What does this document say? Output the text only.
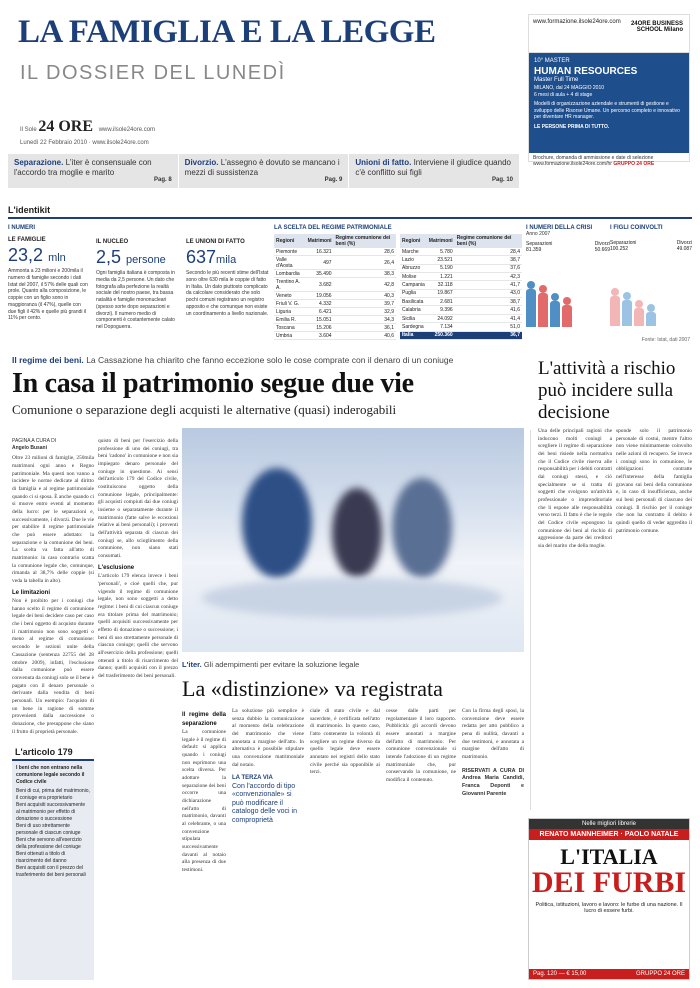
LA FAMIGLIA E LA LEGGE
IL DOSSIER DEL LUNEDÌ
Il Sole 24 ORE www.ilsole24ore.com
Lunedì 22 Febbraio 2010 · www.ilsole24ore.com
www.formazione.ilsole24ore.com	24ORE BUSINESS SCHOOL Milano
10° MASTER
HUMAN RESOURCES
Master Full Time
MILANO, dal 24 MAGGIO 2010
6 mesi di aula + 4 di stage
Modelli di organizzazione aziendale e strumenti di gestione e sviluppo delle Risorse Umane. Un percorso completo e innovativo per diventare HR manager.
LE PERSONE PRIMA DI TUTTO.
Brochure, domanda di ammissione e date di selezione www.formazione.ilsole24ore.com/hr GRUPPO 24 ORE
Separazione. L'iter è consensuale con l'accordo tra moglie e marito
Pag. 8
Divorzio. L'assegno è dovuto se mancano i mezzi di sussistenza
Pag. 9
Unioni di fatto. Interviene il giudice quando c'è conflitto sui figli
Pag. 10
L'identikit
I NUMERI
LE FAMIGLIE
23,2 mln
Ammonta a 23 milioni e 200mila il numero di famiglie secondo i dati Istat del 2007, il 57% delle quali con prole. Quanto alla composizione, le coppie con un figlio sono in maggioranza (il 47%), quelle con due figli il 42% e quelle più grandi il 11% per cento.
IL NUCLEO
2,5 persone
Ogni famiglia italiana è composta in media da 2,5 persone. Un dato che fotografa alla perfezione la realtà sociale del nostro paese, tra bassa natalità e famiglie mononucleari (spesso sorte dopo separazioni e divorzi). Il numero medio di componenti è costantemente calato nel Dopoguerra.
LE UNIONI DI FATTO
637mila
Secondo le più recenti stime dell'Istat sono oltre 630 mila le coppie di fatto in Italia. Un dato piuttosto complicato da calcolare considerato che solo pochi comuni registrano un registro apposito e che comunque non esiste un coordinamento a livello nazionale.
LA SCELTA DEL REGIME PATRIMONIALE
Regioni	Matrimoni	Regime comunione dei beni (%)
Piemonte	16.321	28,6
Valle d'Aosta	497	26,4
Lombardia	35.490	38,3
Trentino A. A.	3.682	42,8
Veneto	19.056	40,3
Friuli V. G.	4.332	39,7
Liguria	6.421	32,9
Emilia R.	15.051	34,3
Toscana	15.206	36,1
Umbria	3.604	40,6
Regioni	Matrimoni	Regime comunione dei beni (%)
Marche	5.780	28,4
Lazio	23.521	38,7
Abruzzo	5.190	37,6
Molise	1.221	42,3
Campania	32.118	41,7
Puglia	19.867	43,0
Basilicata	2.681	38,7
Calabria	9.396	41,6
Sicilia	24.092	41,4
Sardegna	7.134	51,0
Italia	250.360	36,7
I NUMERI DELLA CRISI
Anno 2007
Separazioni
81.359
Divorzi
50.669
I FIGLI COINVOLTI
Separazioni
100.252
Divorzi
49.087
Fonte: Istat, dati 2007
Il regime dei beni. La Cassazione ha chiarito che fanno eccezione solo le cose comprate con il denaro di un coniuge
In casa il patrimonio segue due vie
Comunione o separazione degli acquisti le alternative (quasi) inderogabili
L'attività a rischio può incidere sulla decisione
PAGINA A CURA DI
Angelo Busani

Oltre 23 milioni di famiglie, 250mila matrimoni ogni anno e Regno patrimoniale. Ma questi non vanno a incidere le norme dedicate al diritto di famiglia e al regime patrimoniale quando ci si sposa. È anche quando ci si muove entro eventi al momento della lucro: per le separazioni e, successivamente, i divorzi. Due le vie per stabilire il regime patrimoniale che può essere adottato: la separazione e la comunione dei beni. La scelta va fatta all'atto di matrimonio: in caso contrario scatta la comunione legale che, comunque, rimanda al 38,7% delle coppie (si veda la tabella in alto).

Le limitazioni

Non è proibito per i coniugi che hanno scelto il regime di comunione legale dei beni decidere caso per caso che i beni oggetto di acquisto durante il matrimonio non sono soggetti o meno al regime di comunione: secondo le sezioni unite della Cassazione (sentenza 22755 del 28 ottobre 2009), infatti, l'esclusione dalla comunione può essere convenuta da coniugi solo se il bene è pagato con il denaro personale o derivante dalla vendita di beni personali. Un esempio: l'acquisto di un bene in ragione di somme provenienti dalla successione o donazione, che presuppone che siano il frutto di proprietà personale.

quisto di beni per l'esercizio della professione di uno dei coniugi, tra beni 'cadono' in comunione e non sia impiegato denaro personale del coniuge in questione. Ai sensi dell'articolo 179 del Codice civile, costituiscono oggetto della comunione legale, principalmente: gli acquisti compiuti dai due coniugi insieme o separatamente durante il matrimonio (fatte salve le eccezioni relative ai beni personali); i proventi dell'attività separata di ciascun dei coniugi se, allo scioglimento della comunione, non siano stati consumati.

L'esclusione

L'articolo 179 elenca invece i beni 'personali', e cioè quelli che, pur vigendo il regime di comunione legale, non sono soggetti a detto regime: i beni di cui ciascun coniuge era titolare prima del matrimonio; quelli acquisiti successivamente per effetto di donazione o successione; i beni di uso strettamente personale di ciascun coniuge; quelli che servono all'esercizio della professione; quelli ottenuti a titolo di risarcimento del danno; quelli acquisiti con il prezzo del trasferimento dei beni personali.

Una delle principali ragioni che inducono molti coniugi a scegliere il regime di separazione dei beni risiede nella normativa che il Codice civile riserva alle responsabilità per i debiti contratti dai coniugi stessi, e ciò specialmente se si tratta di soggetti che svolgono un'attività professionale o imprenditoriale che li espone alle responsabilità verso terzi. Il fatto è che le regole del Codice civile espongono la comunione dei beni al rischio di aggressione da parte dei creditori sia del marito che della moglie.

sponde solo il patrimonio personale di costui, mentre l'altro non viene minimamente coinvolto nelle azioni di recupero. Se invece i coniugi sono in comunione, le obbligazioni contratte nell'interesse della famiglia gravano sui beni della comunione e, in caso di insufficienza, anche sui beni personali di ciascuno dei coniugi. Il rischio per il coniuge che non ha contratto il debito è quindi quello di veder aggredito il patrimonio comune.

L'articolo 179
I beni che non entrano nella comunione legale secondo il Codice civile
Beni di cui, prima del matrimonio, il coniuge era proprietario
Beni acquisiti successivamente al matrimonio per effetto di donazione o successione
Beni di uso strettamente personale di ciascun coniuge
Beni che servono all'esercizio della professione del coniuge
Beni ottenuti a titolo di risarcimento del danno
Beni acquisiti con il prezzo del trasferimento dei beni personali
L'iter. Gli adempimenti per evitare la soluzione legale
La «distinzione» va registrata
Il regime della separazione

La comunione legale è il regime di default: si applica quando i coniugi non esprimono una scelta diversa. Per adottare la separazione dei beni occorre una dichiarazione nell'atto di matrimonio, davanti al celebrante, o una convenzione stipulata successivamente davanti al notaio alla presenza di due testimoni.

La soluzione più semplice è senza dubbio la comunicazione al momento della celebrazione del matrimonio che viene annotata a margine dell'atto. In alternativa è possibile stipulare una convenzione matrimoniale dal notaio.

LA TERZA VIA
Con l'accordo di tipo «convenzionale» si può modificare il catalogo delle voci in comproprietà

ciale di stato civile e dal sacerdote, è certificata nell'atto di matrimonio. In questo caso, l'atto contenente la volontà di scegliere un regime diverso da quello legale deve essere annotato nei registri dello stato civile perché sia opponibile ai terzi.

cesse dalle parti per regolamentare il loro rapporto. Pubblicità: gli accordi devono essere annotati a margine dell'atto di matrimonio. Per comunione convenzionale si intende l'adozione di un regime matrimoniale che, pur conservando la comunione, ne modifica il contenuto.

Con la firma degli sposi, la convenzione deve essere redatta per atto pubblico a pena di nullità, davanti a due testimoni, e annotata a margine dell'atto di matrimonio.

RISERVATI A CURA DI Andrea Maria Candidi, Franca Deponti e Giovanni Parente

Nelle migliori librerie
RENATO MANNHEIMER · PAOLO NATALE
L'ITALIA
DEI FURBI
Politica, istituzioni, lavoro e lavoro: le furbe di una nazione. Il lucro di essere furbi.
Pag. 120 — € 15,00	GRUPPO 24 ORE
